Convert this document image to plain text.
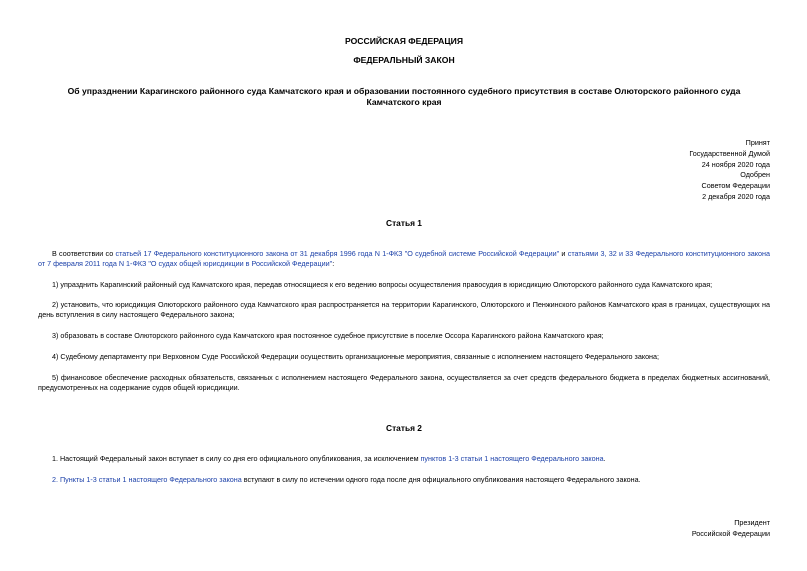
РОССИЙСКАЯ ФЕДЕРАЦИЯ
ФЕДЕРАЛЬНЫЙ ЗАКОН
Об упразднении Карагинского районного суда Камчатского края и образовании постоянного судебного присутствия в составе Олюторского районного суда
Камчатского края
Принят
Государственной Думой
24 ноября 2020 года
Одобрен
Советом Федерации
2 декабря 2020 года
Статья 1
В соответствии со статьей 17 Федерального конституционного закона от 31 декабря 1996 года N 1-ФКЗ "О судебной системе Российской Федерации" и статьями 3, 32 и 33 Федерального конституционного закона от 7 февраля 2011 года N 1-ФКЗ "О судах общей юрисдикции в Российской Федерации":
1) упразднить Карагинский районный суд Камчатского края, передав относящиеся к его ведению вопросы осуществления правосудия в юрисдикцию Олюторского районного суда Камчатского края;
2) установить, что юрисдикция Олюторского районного суда Камчатского края распространяется на территории Карагинского, Олюторского и Пенжинского районов Камчатского края в границах, существующих на день вступления в силу настоящего Федерального закона;
3) образовать в составе Олюторского районного суда Камчатского края постоянное судебное присутствие в поселке Оссора Карагинского района Камчатского края;
4) Судебному департаменту при Верховном Суде Российской Федерации осуществить организационные мероприятия, связанные с исполнением настоящего Федерального закона;
5) финансовое обеспечение расходных обязательств, связанных с исполнением настоящего Федерального закона, осуществляется за счет средств федерального бюджета в пределах бюджетных ассигнований, предусмотренных на содержание судов общей юрисдикции.
Статья 2
1. Настоящий Федеральный закон вступает в силу со дня его официального опубликования, за исключением пунктов 1-3 статьи 1 настоящего Федерального закона.
2. Пункты 1-3 статьи 1 настоящего Федерального закона вступают в силу по истечении одного года после дня официального опубликования настоящего Федерального закона.
Президент
Российской Федерации
